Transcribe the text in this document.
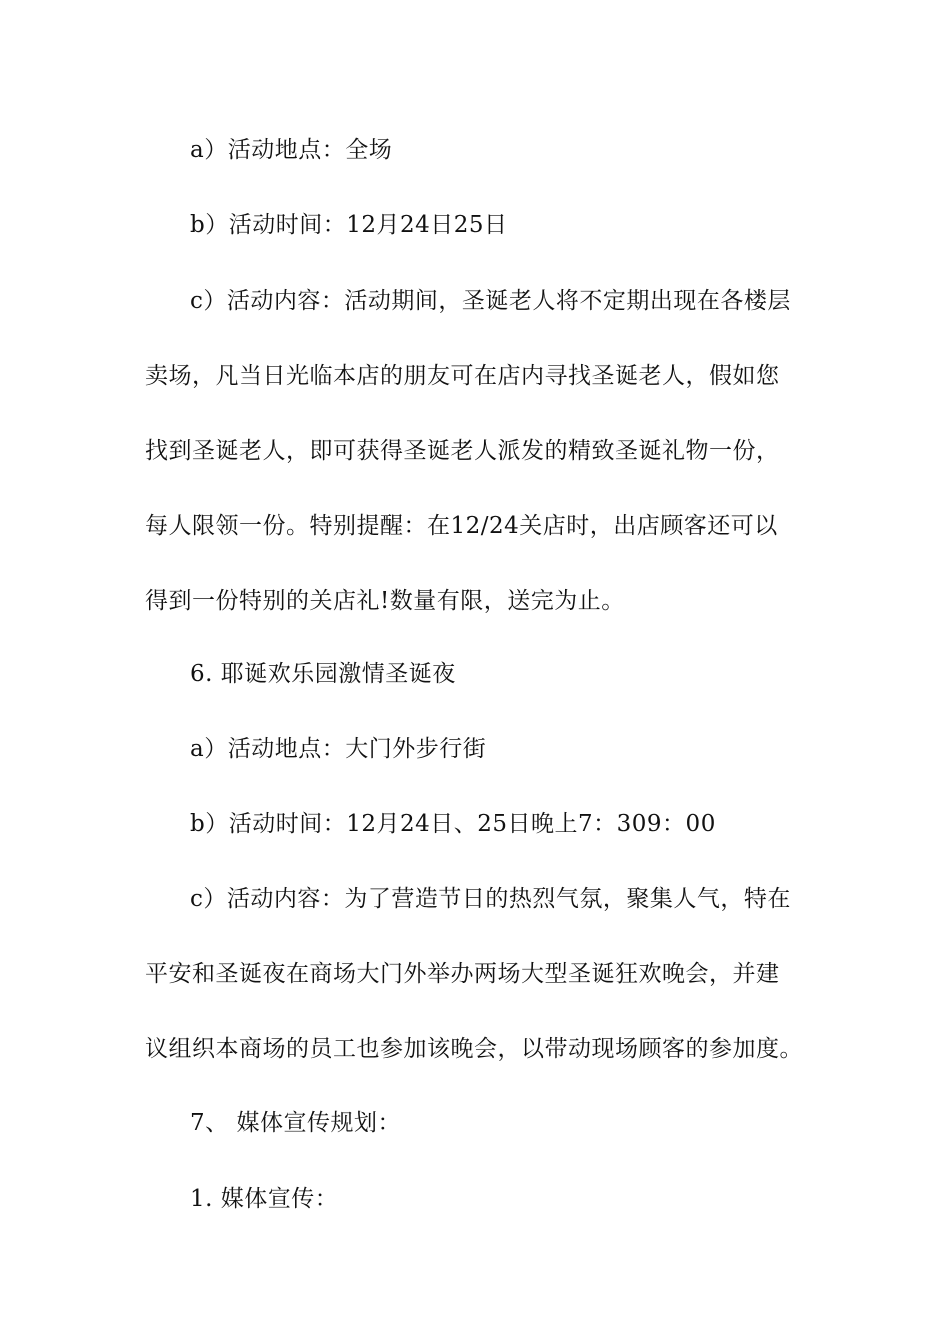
a）活动地点：全场
b）活动时间：12月24日25日
c）活动内容：活动期间，圣诞老人将不定期出现在各楼层
卖场，凡当日光临本店的朋友可在店内寻找圣诞老人，假如您
找到圣诞老人，即可获得圣诞老人派发的精致圣诞礼物一份，
每人限领一份。特别提醒：在12/24关店时，出店顾客还可以
得到一份特别的关店礼!数量有限，送完为止。
6. 耶诞欢乐园激情圣诞夜
a）活动地点：大门外步行街
b）活动时间：12月24日、25日晚上7：309：00
c）活动内容：为了营造节日的热烈气氛，聚集人气，特在
平安和圣诞夜在商场大门外举办两场大型圣诞狂欢晚会，并建
议组织本商场的员工也参加该晚会，以带动现场顾客的参加度。
7、 媒体宣传规划：
1. 媒体宣传：
